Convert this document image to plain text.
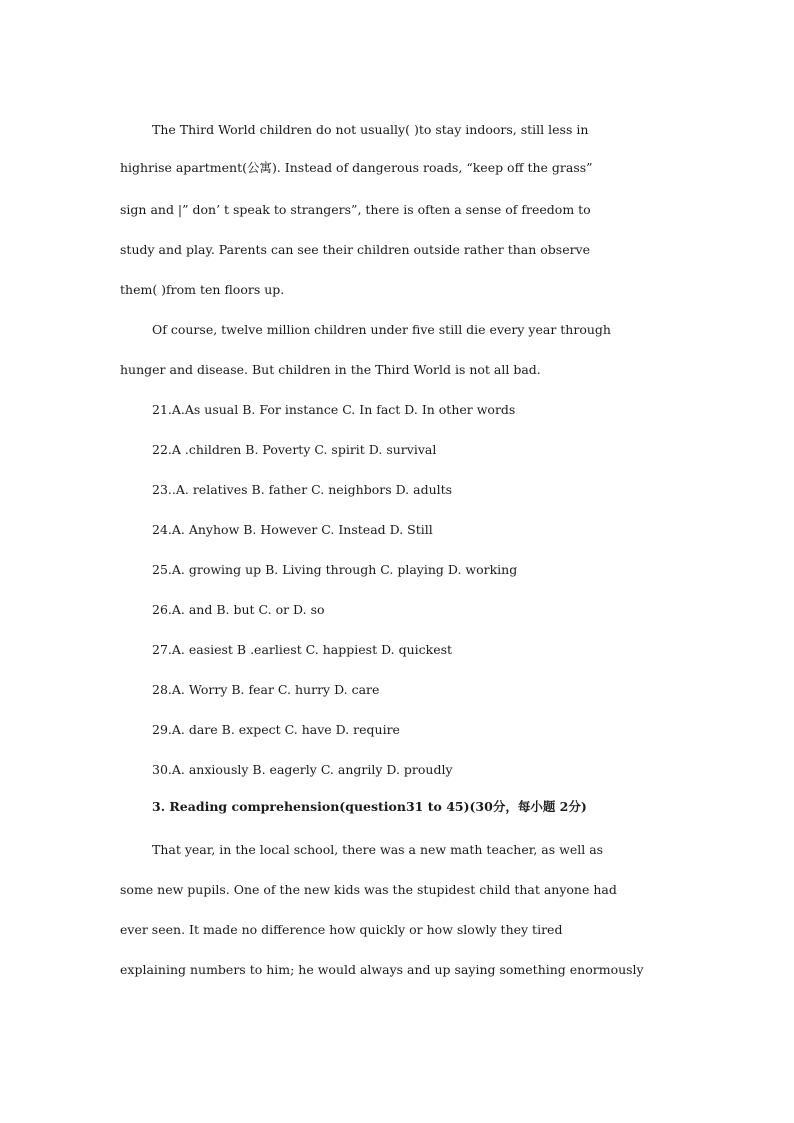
The Third World children do not usually( )to stay indoors, still less in
highrise apartment(公寓). Instead of dangerous roads, “keep off the grass”
sign and |” don’ t speak to strangers”, there is often a sense of freedom to
study and play. Parents can see their children outside rather than observe
them( )from ten floors up.
Of course, twelve million children under five still die every year through
hunger and disease. But children in the Third World is not all bad.
21.A.As usual B. For instance C. In fact D. In other words
22.A .children B. Poverty C. spirit D. survival
23..A. relatives B. father C. neighbors D. adults
24.A. Anyhow B. However C. Instead D. Still
25.A. growing up B. Living through C. playing D. working
26.A. and B. but C. or D. so
27.A. easiest B .earliest C. happiest D. quickest
28.A. Worry B. fear C. hurry D. care
29.A. dare B. expect C. have D. require
30.A. anxiously B. eagerly C. angrily D. proudly
3. Reading comprehension(question31 to 45)(30分，每小题 2分)
That year, in the local school, there was a new math teacher, as well as
some new pupils. One of the new kids was the stupidest child that anyone had
ever seen. It made no difference how quickly or how slowly they tired
explaining numbers to him; he would always and up saying something enormously
